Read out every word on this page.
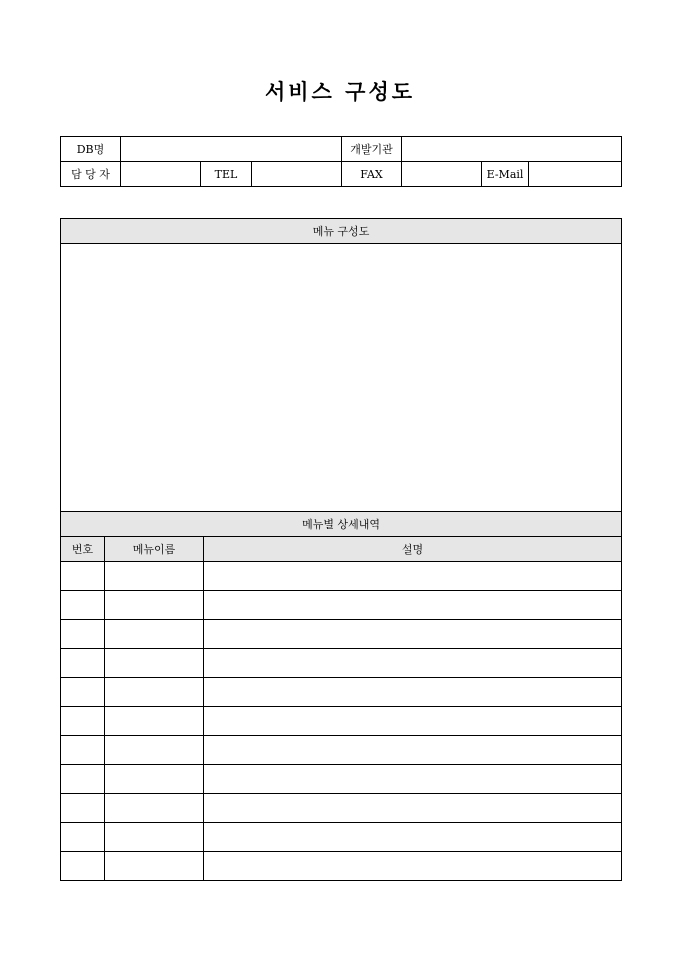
서비스 구성도
DB명				개발기관			
담 당 자		TEL		FAX		E-Mail	
메뉴 구성도		

메뉴별 상세내역		
번호	메뉴이름	설명
